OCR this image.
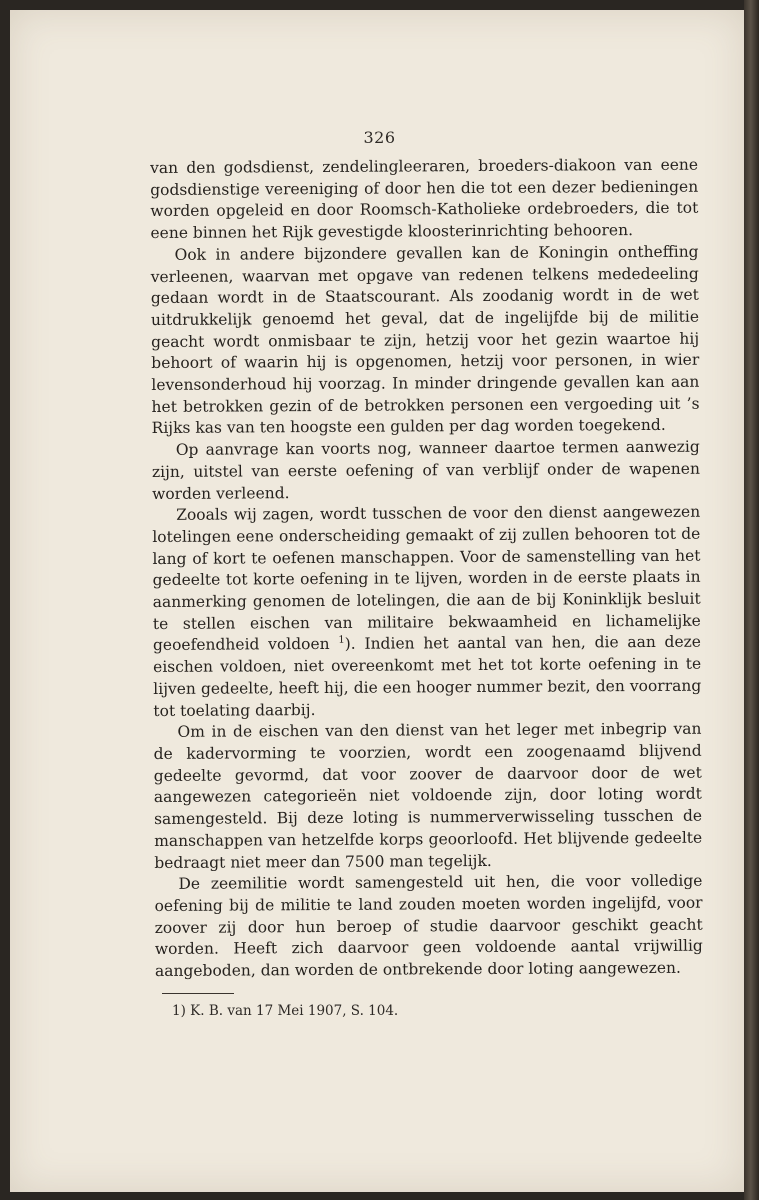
326

van den godsdienst, zendelingleeraren, broeders-diakoon van eene godsdienstige vereeniging of door hen die tot een dezer bedieningen worden opgeleid en door Roomsch-Katholieke ordebroeders, die tot eene binnen het Rijk gevestigde kloosterinrichting behooren.

Ook in andere bijzondere gevallen kan de Koningin ontheffing verleenen, waarvan met opgave van redenen telkens mededeeling gedaan wordt in de Staatscourant. Als zoodanig wordt in de wet uitdrukkelijk genoemd het geval, dat de ingelijfde bij de militie geacht wordt onmisbaar te zijn, hetzij voor het gezin waartoe hij behoort of waarin hij is opgenomen, hetzij voor personen, in wier levensonderhoud hij voorzag. In minder dringende gevallen kan aan het betrokken gezin of de betrokken personen een vergoeding uit ’s Rijks kas van ten hoogste een gulden per dag worden toegekend.

Op aanvrage kan voorts nog, wanneer daartoe termen aanwezig zijn, uitstel van eerste oefening of van verblijf onder de wapenen worden verleend.

Zooals wij zagen, wordt tusschen de voor den dienst aangewezen lotelingen eene onderscheiding gemaakt of zij zullen behooren tot de lang of kort te oefenen manschappen. Voor de samenstelling van het gedeelte tot korte oefening in te lijven, worden in de eerste plaats in aanmerking genomen de lotelingen, die aan de bij Koninklijk besluit te stellen eischen van militaire bekwaamheid en lichamelijke geoefendheid voldoen $^1$). Indien het aantal van hen, die aan deze eischen voldoen, niet overeenkomt met het tot korte oefening in te lijven gedeelte, heeft hij, die een hooger nummer bezit, den voorrang tot toelating daarbij.

Om in de eischen van den dienst van het leger met inbegrip van de kadervorming te voorzien, wordt een zoogenaamd blijvend gedeelte gevormd, dat voor zoover de daarvoor door de wet aangewezen categorieën niet voldoende zijn, door loting wordt samengesteld. Bij deze loting is nummerverwisseling tusschen de manschappen van hetzelfde korps geoorloofd. Het blijvende gedeelte bedraagt niet meer dan 7500 man tegelijk.

De zeemilitie wordt samengesteld uit hen, die voor volledige oefening bij de militie te land zouden moeten worden ingelijfd, voor zoover zij door hun beroep of studie daarvoor geschikt geacht worden. Heeft zich daarvoor geen voldoende aantal vrijwillig aangeboden, dan worden de ontbrekende door loting aangewezen.

1) K. B. van 17 Mei 1907, S. 104.
